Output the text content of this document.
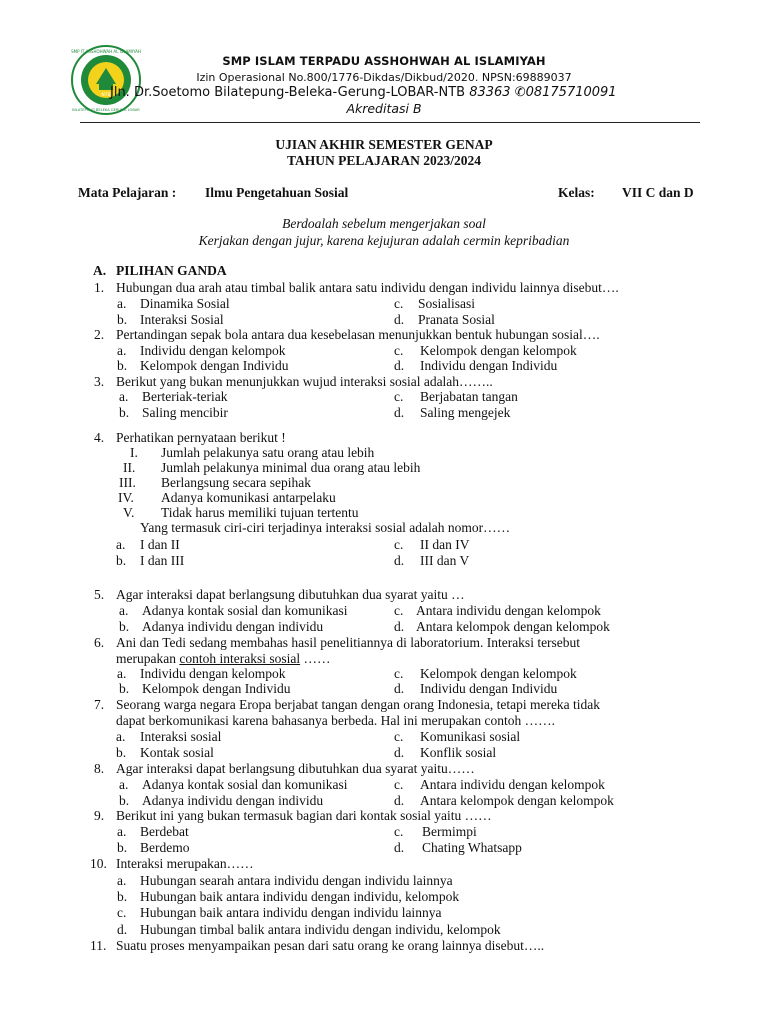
SMP IT ASSHOHWAH AL ISLAMIYAH
BILATEPUNG BELEKA GERUNG LOBAR
NTB
SMP ISLAM TERPADU ASSHOHWAH AL ISLAMIYAH
Izin Operasional No.800/1776-Dikdas/Dikbud/2020. NPSN:69889037
Jln. Dr.Soetomo Bilatepung-Beleka-Gerung-LOBAR-NTB 83363 ✆08175710091
Akreditasi B
UJIAN AKHIR SEMESTER GENAP
TAHUN PELAJARAN 2023/2024
Mata Pelajaran : Ilmu Pengetahuan Sosial	Kelas: VII C dan D
Berdoalah sebelum mengerjakan soal
Kerjakan dengan jujur, karena kejujuran adalah cermin kepribadian
A. PILIHAN GANDA
1. Hubungan dua arah atau timbal balik antara satu individu dengan individu lainnya disebut….
a. Dinamika Sosial	c. Sosialisasi
b. Interaksi Sosial	d. Pranata Sosial
2. Pertandingan sepak bola antara dua kesebelasan menunjukkan bentuk hubungan sosial….
a. Individu dengan kelompok	c. Kelompok dengan kelompok
b. Kelompok dengan Individu	d. Individu dengan Individu
3. Berikut yang bukan menunjukkan wujud interaksi sosial adalah……..
a. Berteriak-teriak	c. Berjabatan tangan
b. Saling mencibir	d. Saling mengejek
4. Perhatikan pernyataan berikut !
I. Jumlah pelakunya satu orang atau lebih
II. Jumlah pelakunya minimal dua orang atau lebih
III. Berlangsung secara sepihak
IV. Adanya komunikasi antarpelaku
V. Tidak harus memiliki tujuan tertentu
Yang termasuk ciri-ciri terjadinya interaksi sosial adalah nomor……
a. I dan II	c. II dan IV
b. I dan III	d. III dan V
5. Agar interaksi dapat berlangsung dibutuhkan dua syarat yaitu …
a. Adanya kontak sosial dan komunikasi	c. Antara individu dengan kelompok
b. Adanya individu dengan individu	d. Antara kelompok dengan kelompok
6. Ani dan Tedi sedang membahas hasil penelitiannya di laboratorium. Interaksi tersebut
merupakan contoh interaksi sosial ……
a. Individu dengan kelompok	c. Kelompok dengan kelompok
b. Kelompok dengan Individu	d. Individu dengan Individu
7. Seorang warga negara Eropa berjabat tangan dengan orang Indonesia, tetapi mereka tidak
dapat berkomunikasi karena bahasanya berbeda. Hal ini merupakan contoh …….
a. Interaksi sosial	c. Komunikasi sosial
b. Kontak sosial	d. Konflik sosial
8. Agar interaksi dapat berlangsung dibutuhkan dua syarat yaitu……
a. Adanya kontak sosial dan komunikasi	c. Antara individu dengan kelompok
b. Adanya individu dengan individu	d. Antara kelompok dengan kelompok
9. Berikut ini yang bukan termasuk bagian dari kontak sosial yaitu ……
a. Berdebat	c. Bermimpi
b. Berdemo	d. Chating Whatsapp
10. Interaksi merupakan……
a. Hubungan searah antara individu dengan individu lainnya
b. Hubungan baik antara individu dengan individu, kelompok
c. Hubungan baik antara individu dengan individu lainnya
d. Hubungan timbal balik antara individu dengan individu, kelompok
11. Suatu proses menyampaikan pesan dari satu orang ke orang lainnya disebut…..
